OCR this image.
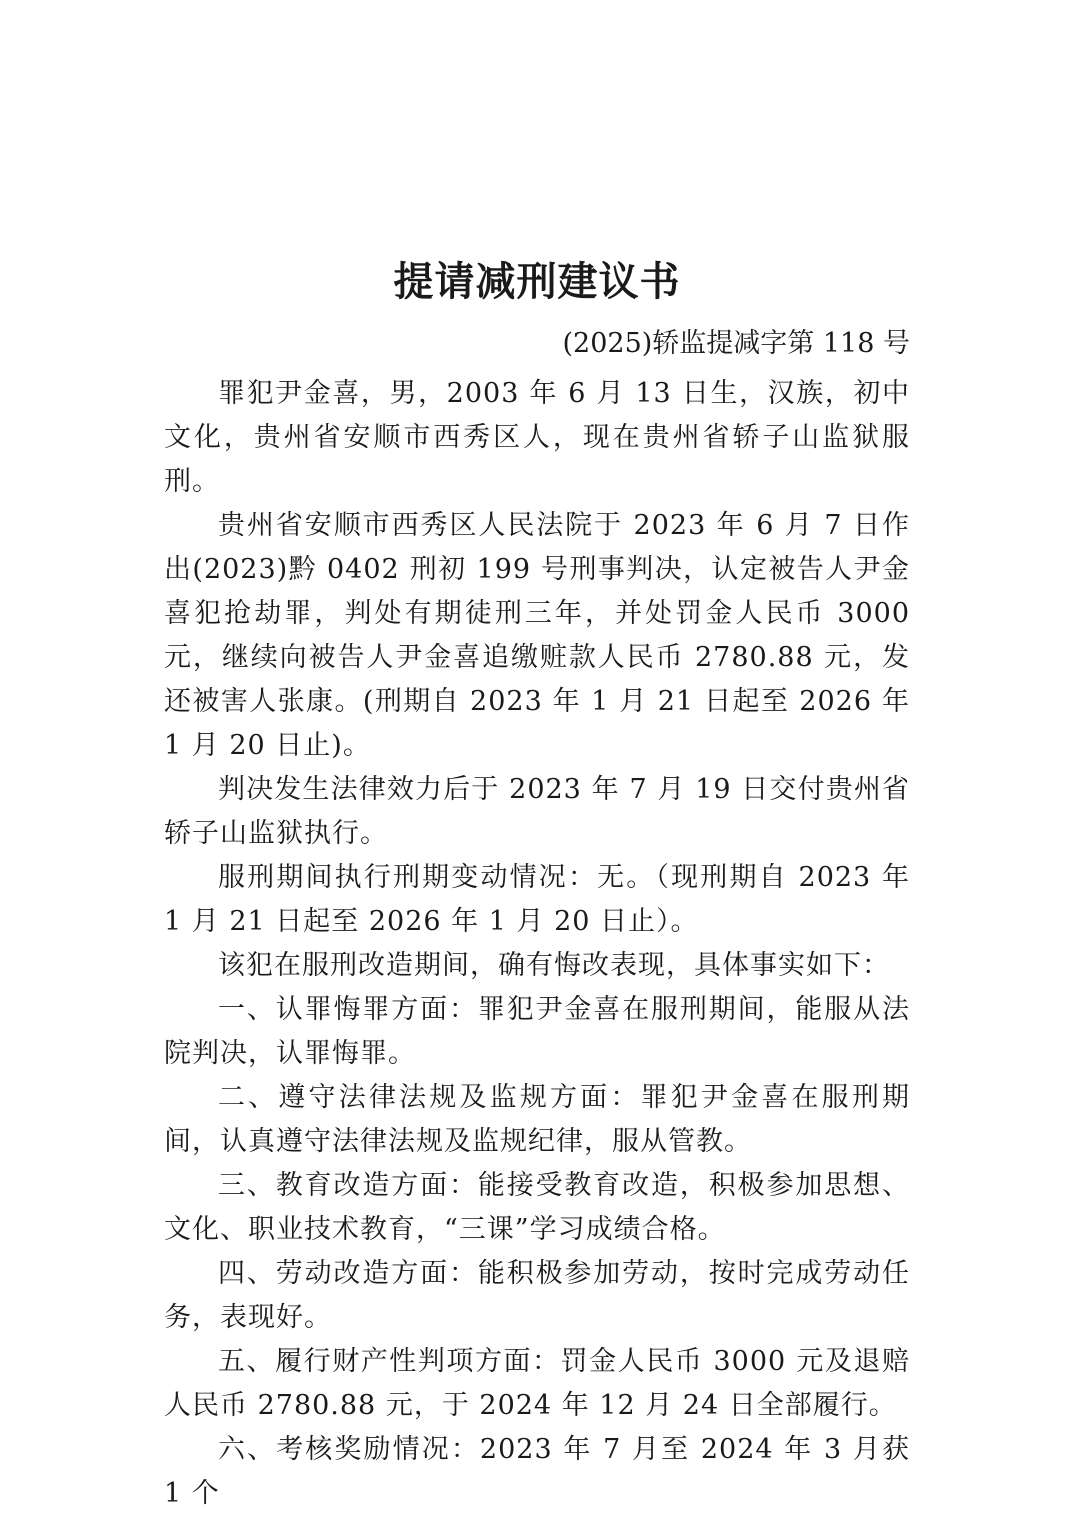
提请减刑建议书
(2025)轿监提减字第 118 号

罪犯尹金喜，男，2003 年 6 月 13 日生，汉族，初中文化，贵州省安顺市西秀区人，现在贵州省轿子山监狱服刑。

贵州省安顺市西秀区人民法院于 2023 年 6 月 7 日作出(2023)黔 0402 刑初 199 号刑事判决，认定被告人尹金喜犯抢劫罪，判处有期徒刑三年，并处罚金人民币 3000 元，继续向被告人尹金喜追缴赃款人民币 2780.88 元，发还被害人张康。(刑期自 2023 年 1 月 21 日起至 2026 年 1 月 20 日止)。

判决发生法律效力后于 2023 年 7 月 19 日交付贵州省轿子山监狱执行。

服刑期间执行刑期变动情况：无。（现刑期自 2023 年 1 月 21 日起至 2026 年 1 月 20 日止）。

该犯在服刑改造期间，确有悔改表现，具体事实如下：

一、认罪悔罪方面：罪犯尹金喜在服刑期间，能服从法院判决，认罪悔罪。

二、遵守法律法规及监规方面：罪犯尹金喜在服刑期间，认真遵守法律法规及监规纪律，服从管教。

三、教育改造方面：能接受教育改造，积极参加思想、文化、职业技术教育，“三课”学习成绩合格。

四、劳动改造方面：能积极参加劳动，按时完成劳动任务，表现好。

五、履行财产性判项方面：罚金人民币 3000 元及退赔人民币 2780.88 元，于 2024 年 12 月 24 日全部履行。

六、考核奖励情况：2023 年 7 月至 2024 年 3 月获 1 个
